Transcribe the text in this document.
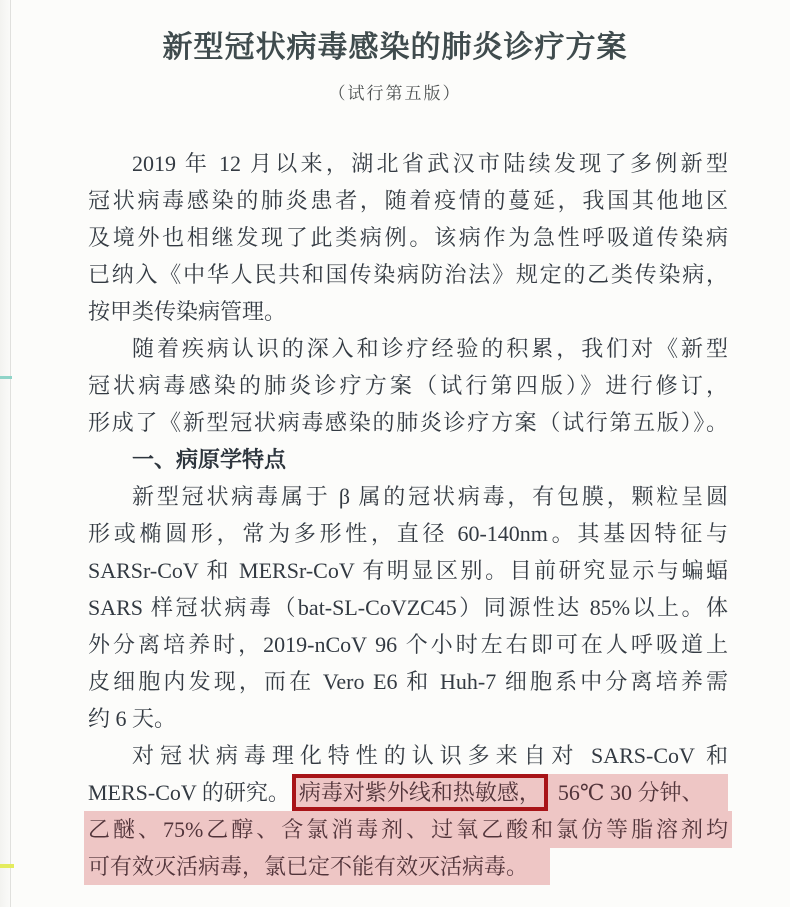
新型冠状病毒感染的肺炎诊疗方案
（试行第五版）
2019 年 12 月以来，湖北省武汉市陆续发现了多例新型
冠状病毒感染的肺炎患者，随着疫情的蔓延，我国其他地区
及境外也相继发现了此类病例。该病作为急性呼吸道传染病
已纳入《中华人民共和国传染病防治法》规定的乙类传染病，
按甲类传染病管理。
随着疾病认识的深入和诊疗经验的积累，我们对《新型
冠状病毒感染的肺炎诊疗方案（试行第四版）》进行修订，
形成了《新型冠状病毒感染的肺炎诊疗方案（试行第五版）》。
一、病原学特点
新型冠状病毒属于 β 属的冠状病毒，有包膜，颗粒呈圆
形或椭圆形，常为多形性，直径 60-140nm。其基因特征与
SARSr-CoV 和 MERSr-CoV 有明显区别。目前研究显示与蝙蝠
SARS 样冠状病毒（bat-SL-CoVZC45）同源性达 85%以上。体
外分离培养时，2019-nCoV 96 个小时左右即可在人呼吸道上
皮细胞内发现，而在 Vero E6 和 Huh-7 细胞系中分离培养需
约 6 天。
对冠状病毒理化特性的认识多来自对 SARS-CoV 和
MERS-CoV 的研究。 病毒对紫外线和热敏感， 56℃ 30 分钟、
乙醚、75%乙醇、含氯消毒剂、过氧乙酸和氯仿等脂溶剂均
可有效灭活病毒，氯已定不能有效灭活病毒。
